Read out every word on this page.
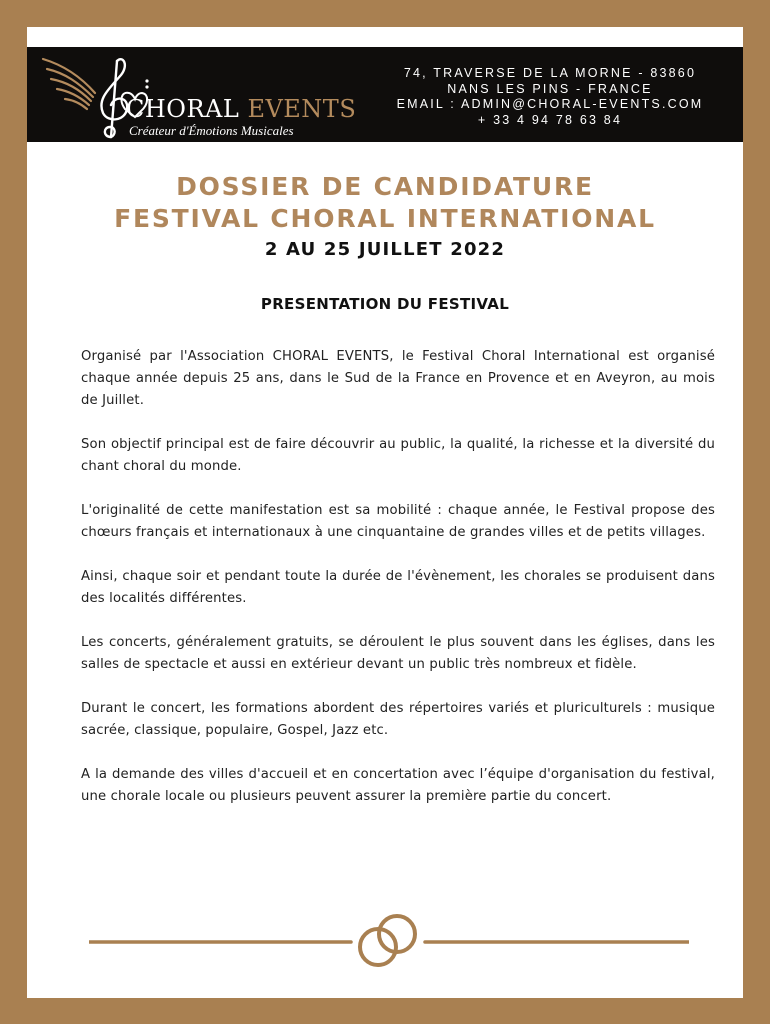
CHORAL EVENTS
Créateur d'Émotions Musicales
74, TRAVERSE DE LA MORNE - 83860
NANS LES PINS - FRANCE
EMAIL : ADMIN@CHORAL-EVENTS.COM
+ 33 4 94 78 63 84
DOSSIER DE CANDIDATURE
FESTIVAL CHORAL INTERNATIONAL
2 AU 25 JUILLET 2022
PRESENTATION DU FESTIVAL

Organisé par l'Association CHORAL EVENTS, le Festival Choral International est organisé chaque année depuis 25 ans, dans le Sud de la France en Provence et en Aveyron, au mois de Juillet.

Son objectif principal est de faire découvrir au public, la qualité, la richesse et la diversité du chant choral du monde.

L'originalité de cette manifestation est sa mobilité : chaque année, le Festival propose des chœurs français et internationaux à une cinquantaine de grandes villes et de petits villages.

Ainsi, chaque soir et pendant toute la durée de l'évènement, les chorales se produisent dans des localités différentes.

Les concerts, généralement gratuits, se déroulent le plus souvent dans les églises, dans les salles de spectacle et aussi en extérieur devant un public très nombreux et fidèle.

Durant le concert, les formations abordent des répertoires variés et pluriculturels : musique sacrée, classique, populaire, Gospel, Jazz etc.

A la demande des villes d'accueil et en concertation avec l’équipe d'organisation du festival, une chorale locale ou plusieurs peuvent assurer la première partie du concert.
